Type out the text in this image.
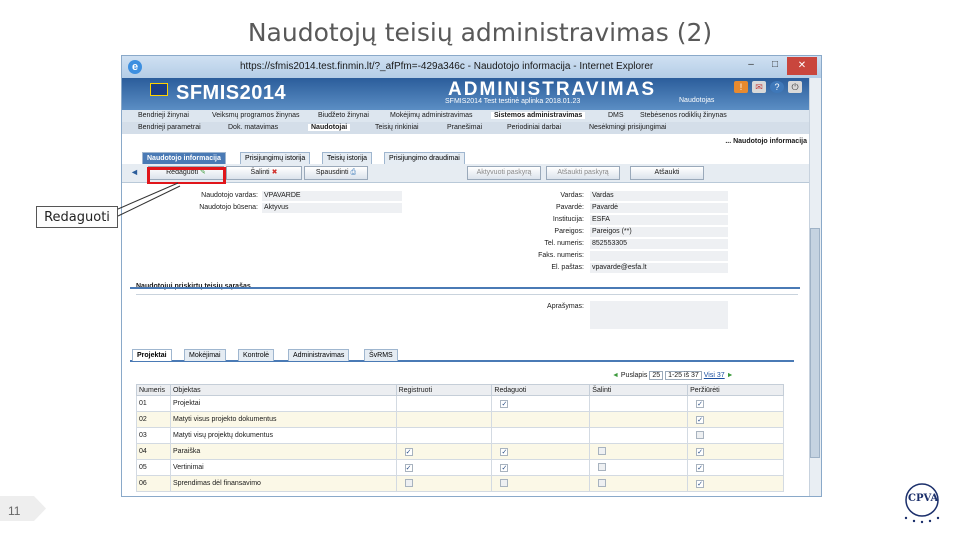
Naudotojų teisių administravimas (2)
e	https://sfmis2014.test.finmin.lt/?_afPfm=-429a346c - Naudotojo informacija - Internet Explorer	–	□	✕
SFMIS2014	ADMINISTRAVIMAS
SFMIS2014 Test testinė aplinka 2018.01.23	Naudotojas
!	✉	?	⏻
Bendrieji žinynai	Veiksmų programos žinynas	Biudžeto žinynai	Mokėjimų administravimas	Sistemos administravimas	DMS Stebėsenos rodiklių žinynas
Bendrieji parametrai	Dok. matavimas	Naudotojai	Teisių rinkiniai	Pranešimai	Periodiniai darbai	Nesėkmingi prisijungimai
... Naudotojo informacija
Naudotojo informacija	Prisijungimų istorija	Teisių istorija	Prisijungimo draudimai
◄	Redaguoti ✎	Šalinti ✖	Spausdinti ⎙	Aktyvuoti paskyrą	Atšaukti paskyrą	Atšaukti
Naudotojo vardas: VPAVARDE
Naudotojo būsena: Aktyvus
Vardas: Vardas
Pavardė: Pavardė
Institucija: ESFA
Pareigos: Pareigos (**)
Tel. numeris: 852553305
Faks. numeris:
El. paštas: vpavarde@esfa.lt
Naudotojui priskirtų teisių sąrašas
Aprašymas:
Projektai	Mokėjimai	Kontrolė	Administravimas	ŠvRMS
◄ Puslapis 25 1-25 iš 37 Visi 37 ►
Numeris	Objektas	Registruoti	Redaguoti	Šalinti	Peržiūrėti
01	Projektai		✓		✓
02	Matyti visus projekto dokumentus				✓
03	Matyti visų projektų dokumentus				
04	Paraiška	✓	✓		✓
05	Vertinimai	✓	✓		✓
06	Sprendimas dėl finansavimo				✓
Redaguoti
11
CPVA
